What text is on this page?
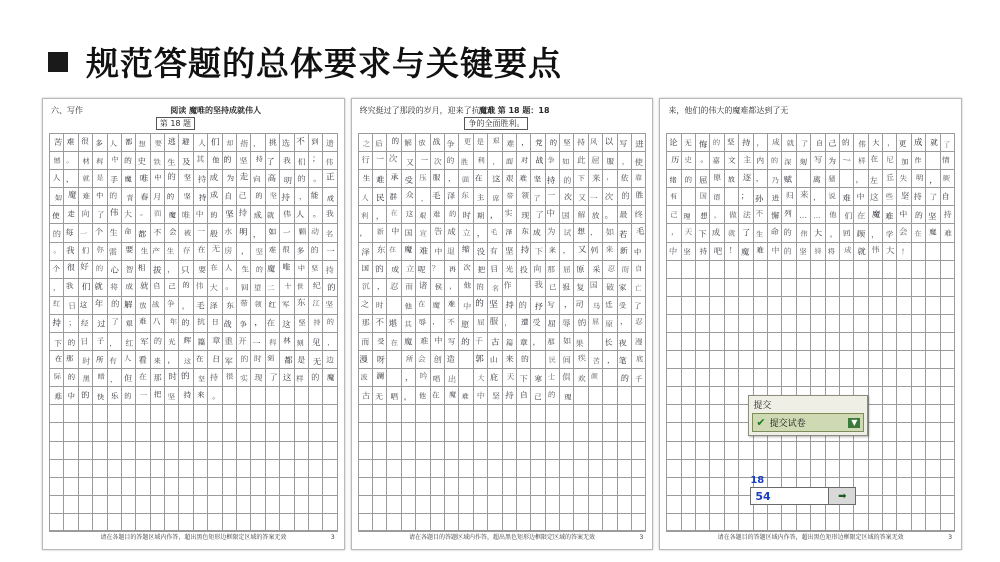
规范答题的总体要求与关键要点
六、写作
第 18 题
阅读 魔唯的坚持成就伟人
苦 难 很 多 人 都 想 要 逃 避 人 们 却 指 ， 挑 选 不 到 遗
憾 。 材 料 中 的 史 铁 生 及 其 他 的 坚 持 了 我 们 ； 伟
人 ， 就 是 手 魔 唯 中 的 坚 持 成 为 走 向 高 明 的 。 正
如 魔 难 中 的 青 春 月 的 坚 持 成 自 己 的 坚 持 ， 能 成
使 走 向 了 伟 大 。 而 魔 唯 中 的 坚 持 成 就 伟 人 。 我
的 每 一 个 生 命 都 不 会 被 一 般 水 明 ， 如 一 颗 动 名
。 我 们 你 需 要 生 产 生 存 在 无 房 ， 坚 难 很 多 的 一
个 很 好 的 心 智 相 拔 ， 只 要 在 人 生 的 魔 唯 中 坚 持
， 我 们 就 将 成 就 自 己 的 伟 大 。 回 望 二 十 世 纪 的
红 日 这 年 的 解 放 战 争 ， 毛 泽 东 带 领 红 军 东 江 坚
持 ； 经 过 了 艰 难 八 年 的 抗 日 战 争 ， 在 这 坚 持 的
下 的 日 子 ， 红 军 的 光 辉 篇 章 重 开 一 科 林 刻 见 ，
在 那 时 所 有 人 看 来 ， 这 在 日 军 的 时 刻 都 是 无 边
际 的 黑 暗 ， 但 在 那 时 的 坚 持 很 实 现 了 这 样 的 魔
难 中 的 快 乐 的 一 把 坚 持 来 。
请在各题目的答题区域内作答，超出黑色矩形边框限定区域的答案无效	3
终究挺过了那段的岁月，迎来了抗日战
争的全面胜利。
魔难 第 18 题：18
之 后 的 解 放 战 争 更 是 艰 难 ， 党 的 坚 持 风 以 写 进
行 一 次 又 一 次 的 胜 利 ， 面 对 战 争 如 此 屈 服 ， 使
生 难 承 受 压 服 ， 面 在 这 艰 难 坚 持 的 下 来 ， 依 靠
人 民 群 众 ， 毛 泽 东 主 席 带 领 了 一 次 又 一 次 的 胜
利 ， 在 这 艰 难 的 时 期 ， 实 现 了 中 国 解 放 。 最 终
， 新 中 国 宣 告 成 立 ， 毛 泽 东 成 为 试 想 ， 如 若 毛
泽 东 在 魔 难 中 退 缩 没 有 坚 持 下 来 ， 又 何 来 新 中
国 的 成 立 呢 ？ 再 次 把 目 光 投 向 那 屈 原 采 忍 而 自
沉 ， 忍 而 诸 侯 ， 他 的 名 作	我 已 报 复 国 破 家 亡
之 时	他 在 魔 难 中 的 坚 持 的 抒 写 ， 司 马 迁 受 了
那 不 堪 其 辱 ， 不 愿 屈 服 ， 遭 受 屈 辱 的 屈 原 ， 忍
而 受 在 魔 难 中 写 的 千 古 篇 章 ， 那 如 果	长 夜 漫
漫 呀	所 会 创 造 郭 山 来 的	民 间 疾 苦 ， 笔 底
波 澜 ， 吟 唱 出	大 庇 天 下 寒 士 俱 欢 颜	的 千
古 无 唱 ， 他 在 魔 难 中 坚 持 自 己 的 理
请在各题目的答题区域内作答，超出黑色矩形边框限定区域的答案无效	3
来，他们的伟大的魔难都达到了无
论 无 悔 的 坚 持 ， 成 就 了 自 己 的 伟 大 ， 更 成 就 了
历 史 。 嘉 文 主 内 的 深 刻 写 为 一 样 在 尼 加 作	情
绪 的 屈 原 放 逐 ， 乃 赋	离 骚 ， 左 丘 失 明 ， 厥
有	国 语 ； 孙 进 归 来 ， 说 难 中 这 些 坚 持 了 自
己 理 想 ， 做 法 不 懈 列 … … 他 们 在 魔 难 中 的 坚 持
， 天 下 成 就 了 生 命 的 伟 大 。 回 顾 ， 学 会 在 魔 难
中 坚 持 吧 ！ 魔 难 中 的 坚 持 将 成 就 伟 大 ！
请在各题目的答题区域内作答，超出黑色矩形边框限定区域的答案无效	3
提交
✔ 提交试卷	▼
18
54	➡
